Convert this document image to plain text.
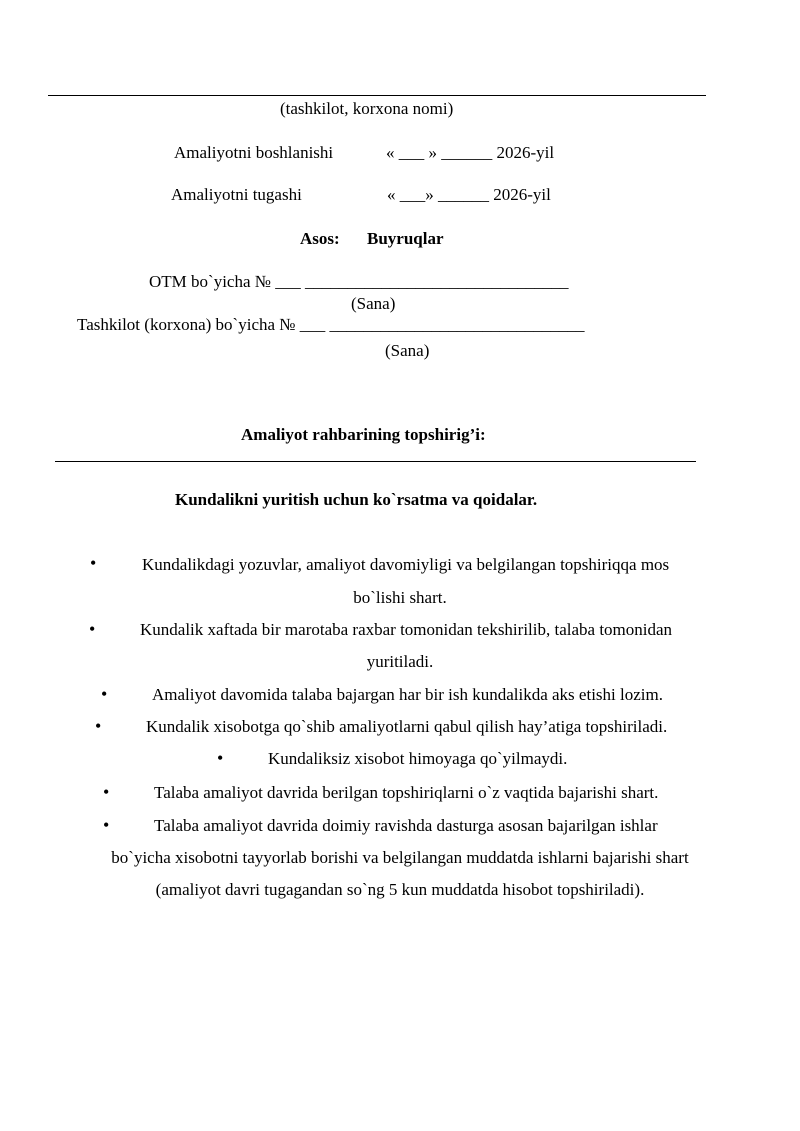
(tashkilot, korxona nomi)
Amaliyotni boshlanishi	« ___ » ______ 2026-yil
Amaliyotni tugashi	« ___» ______ 2026-yil
Asos: Buyruqlar
OTM bo`yicha № ___ _______________________________
(Sana)
Tashkilot (korxona) bo`yicha № ___ ______________________________
(Sana)
Amaliyot rahbarining topshirig’i:
Kundalikni yuritish uchun ko`rsatma va qoidalar.
•	Kundalikdagi yozuvlar, amaliyot davomiyligi va belgilangan topshiriqqa mos
bo`lishi shart.
•	Kundalik xaftada bir marotaba raxbar tomonidan tekshirilib, talaba tomonidan
yuritiladi.
•	Amaliyot davomida talaba bajargan har bir ish kundalikda aks etishi lozim.
•	Kundalik xisobotga qo`shib amaliyotlarni qabul qilish hay’atiga topshiriladi.
•	Kundaliksiz xisobot himoyaga qo`yilmaydi.
•	Talaba amaliyot davrida berilgan topshiriqlarni o`z vaqtida bajarishi shart.
•	Talaba amaliyot davrida doimiy ravishda dasturga asosan bajarilgan ishlar
bo`yicha xisobotni tayyorlab borishi va belgilangan muddatda ishlarni bajarishi shart
(amaliyot davri tugagandan so`ng 5 kun muddatda hisobot topshiriladi).
